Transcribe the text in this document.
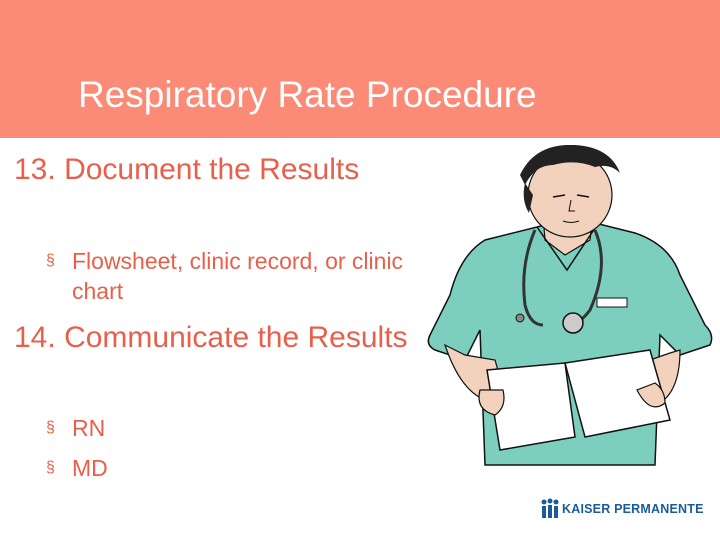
Respiratory Rate Procedure
13. Document the Results
§ Flowsheet, clinic record, or clinic chart
14. Communicate the Results
§ RN
§ MD
KAISER PERMANENTE
